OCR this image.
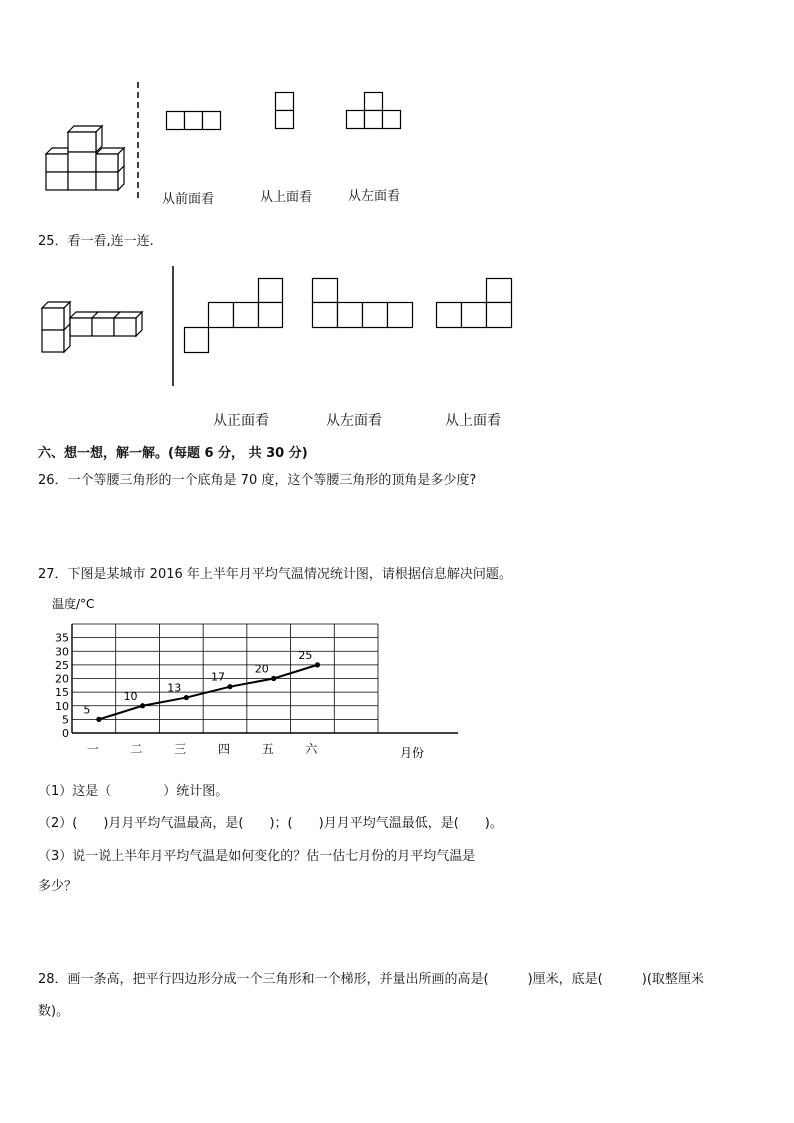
从前面看	从上面看	从左面看
25．看一看,连一连.
从正面看	从左面看	从上面看
六、想一想，解一解。(每题 6 分， 共 30 分)
26．一个等腰三角形的一个底角是 70 度，这个等腰三角形的顶角是多少度?
27．下图是某城市 2016 年上半年月平均气温情况统计图，请根据信息解决问题。
温度/°C
月份
0
5
10
15
20
25
30
35
一	二	三	四	五	六
5
10
13
17
20
25
（1）这是（　　　　）统计图。
（2）(　　)月月平均气温最高，是(　　)；(　　)月月平均气温最低，是(　　)。
（3）说一说上半年月平均气温是如何变化的？估一估七月份的月平均气温是
多少？
28．画一条高，把平行四边形分成一个三角形和一个梯形，并量出所画的高是(　　　)厘米，底是(　　　)(取整厘米
数)。
